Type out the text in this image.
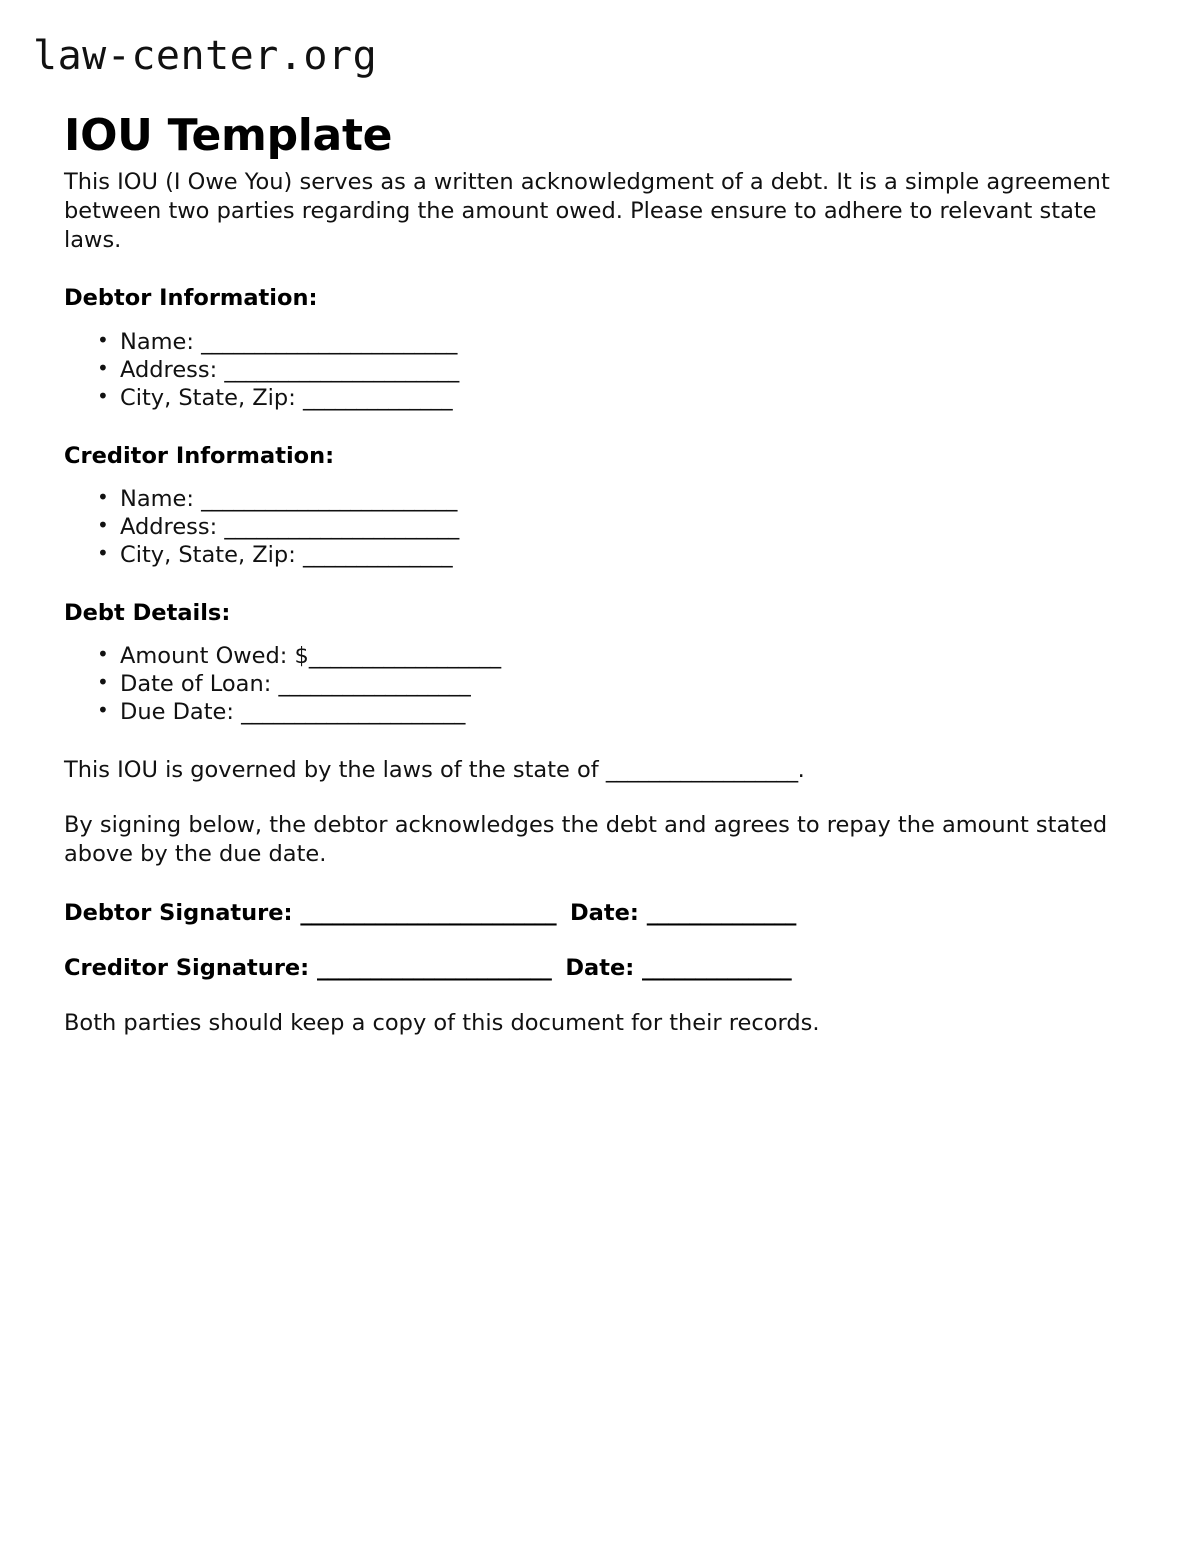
law-center.org
IOU Template

This IOU (I Owe You) serves as a written acknowledgment of a debt. It is a simple agreement between two parties regarding the amount owed. Please ensure to adhere to relevant state laws.

Debtor Information:
• Name: ________________________
• Address: ______________________
• City, State, Zip: ______________
Creditor Information:
• Name: ________________________
• Address: ______________________
• City, State, Zip: ______________
Debt Details:
• Amount Owed: $__________________
• Date of Loan: __________________
• Due Date: _____________________

This IOU is governed by the laws of the state of __________________.

By signing below, the debtor acknowledges the debt and agrees to repay the amount stated above by the due date.

Debtor Signature: ________________________ Date: ______________
Creditor Signature: ______________________ Date: ______________

Both parties should keep a copy of this document for their records.
